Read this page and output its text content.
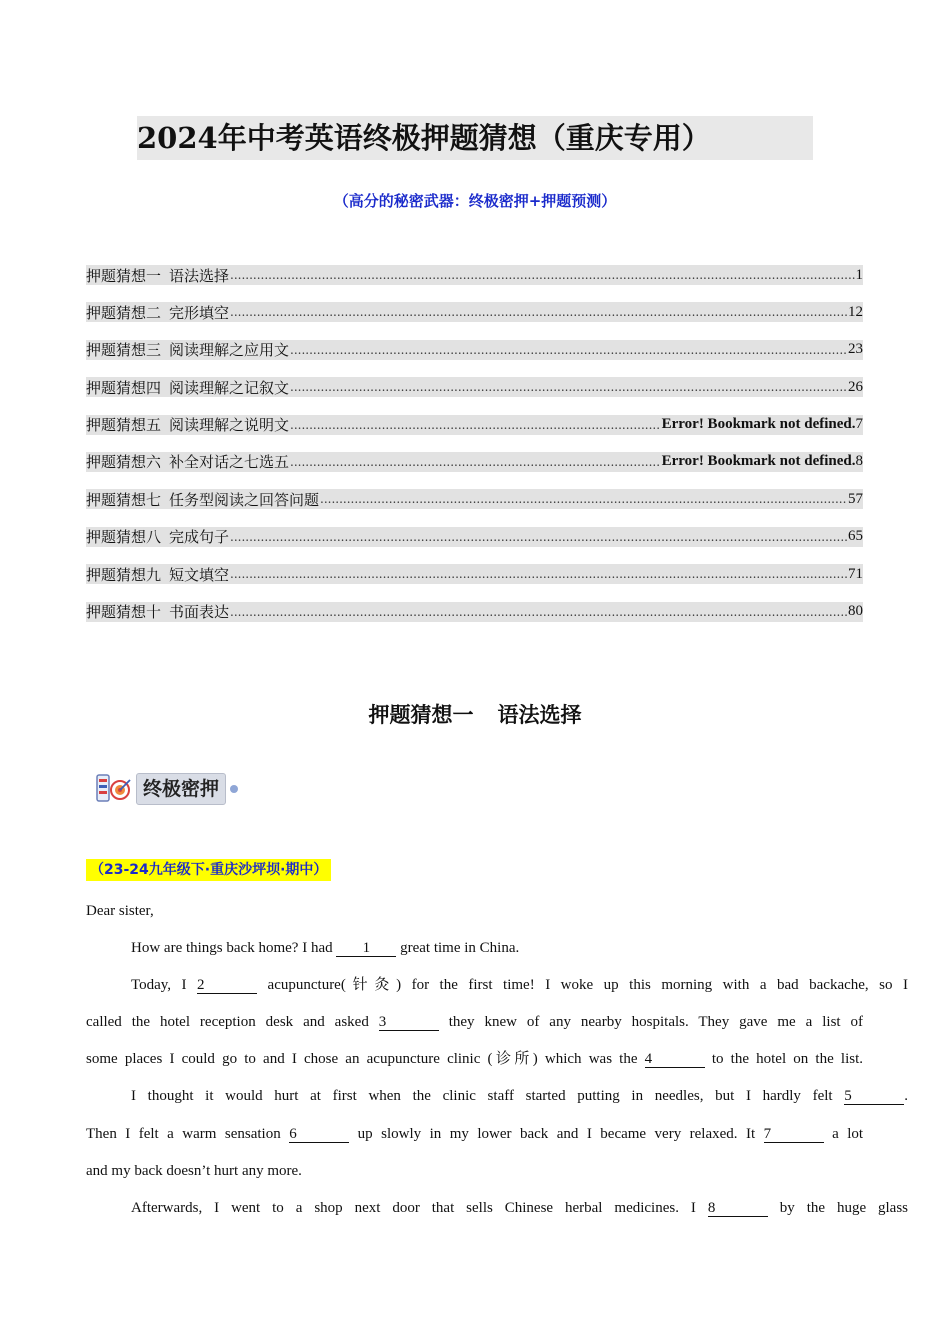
2024年中考英语终极押题猜想（重庆专用）
（高分的秘密武器：终极密押+押题预测）
押题猜想一 语法选择 .....	1
押题猜想二 完形填空 .....	12
押题猜想三 阅读理解之应用文 .....	23
押题猜想四 阅读理解之记叙文 .....	26
押题猜想五 阅读理解之说明文 .....	Error! Bookmark not defined. 7
押题猜想六 补全对话之七选五 .....	Error! Bookmark not defined. 8
押题猜想七 任务型阅读之回答问题 .....	57
押题猜想八 完成句子 .....	65
押题猜想九 短文填空 .....	71
押题猜想十 书面表达 .....	80
押题猜想一 语法选择
终极密押
（23-24九年级下·重庆沙坪坝·期中）
Dear sister,
How are things back home? I had 1 great time in China.
Today, I 2	acupuncture(针灸) for the first time! I woke up this morning with a bad backache, so I
called the hotel reception desk and asked 3	they knew of any nearby hospitals. They gave me a list of
some places I could go to and I chose an acupuncture clinic (诊所) which was the 4	to the hotel on the list.
I thought it would hurt at first when the clinic staff started putting in needles, but I hardly felt 5	.
Then I felt a warm sensation 6	up slowly in my lower back and I became very relaxed. It 7	a lot
and my back doesn’t hurt any more.
Afterwards, I went to a shop next door that sells Chinese herbal medicines. I 8	by the huge glass
